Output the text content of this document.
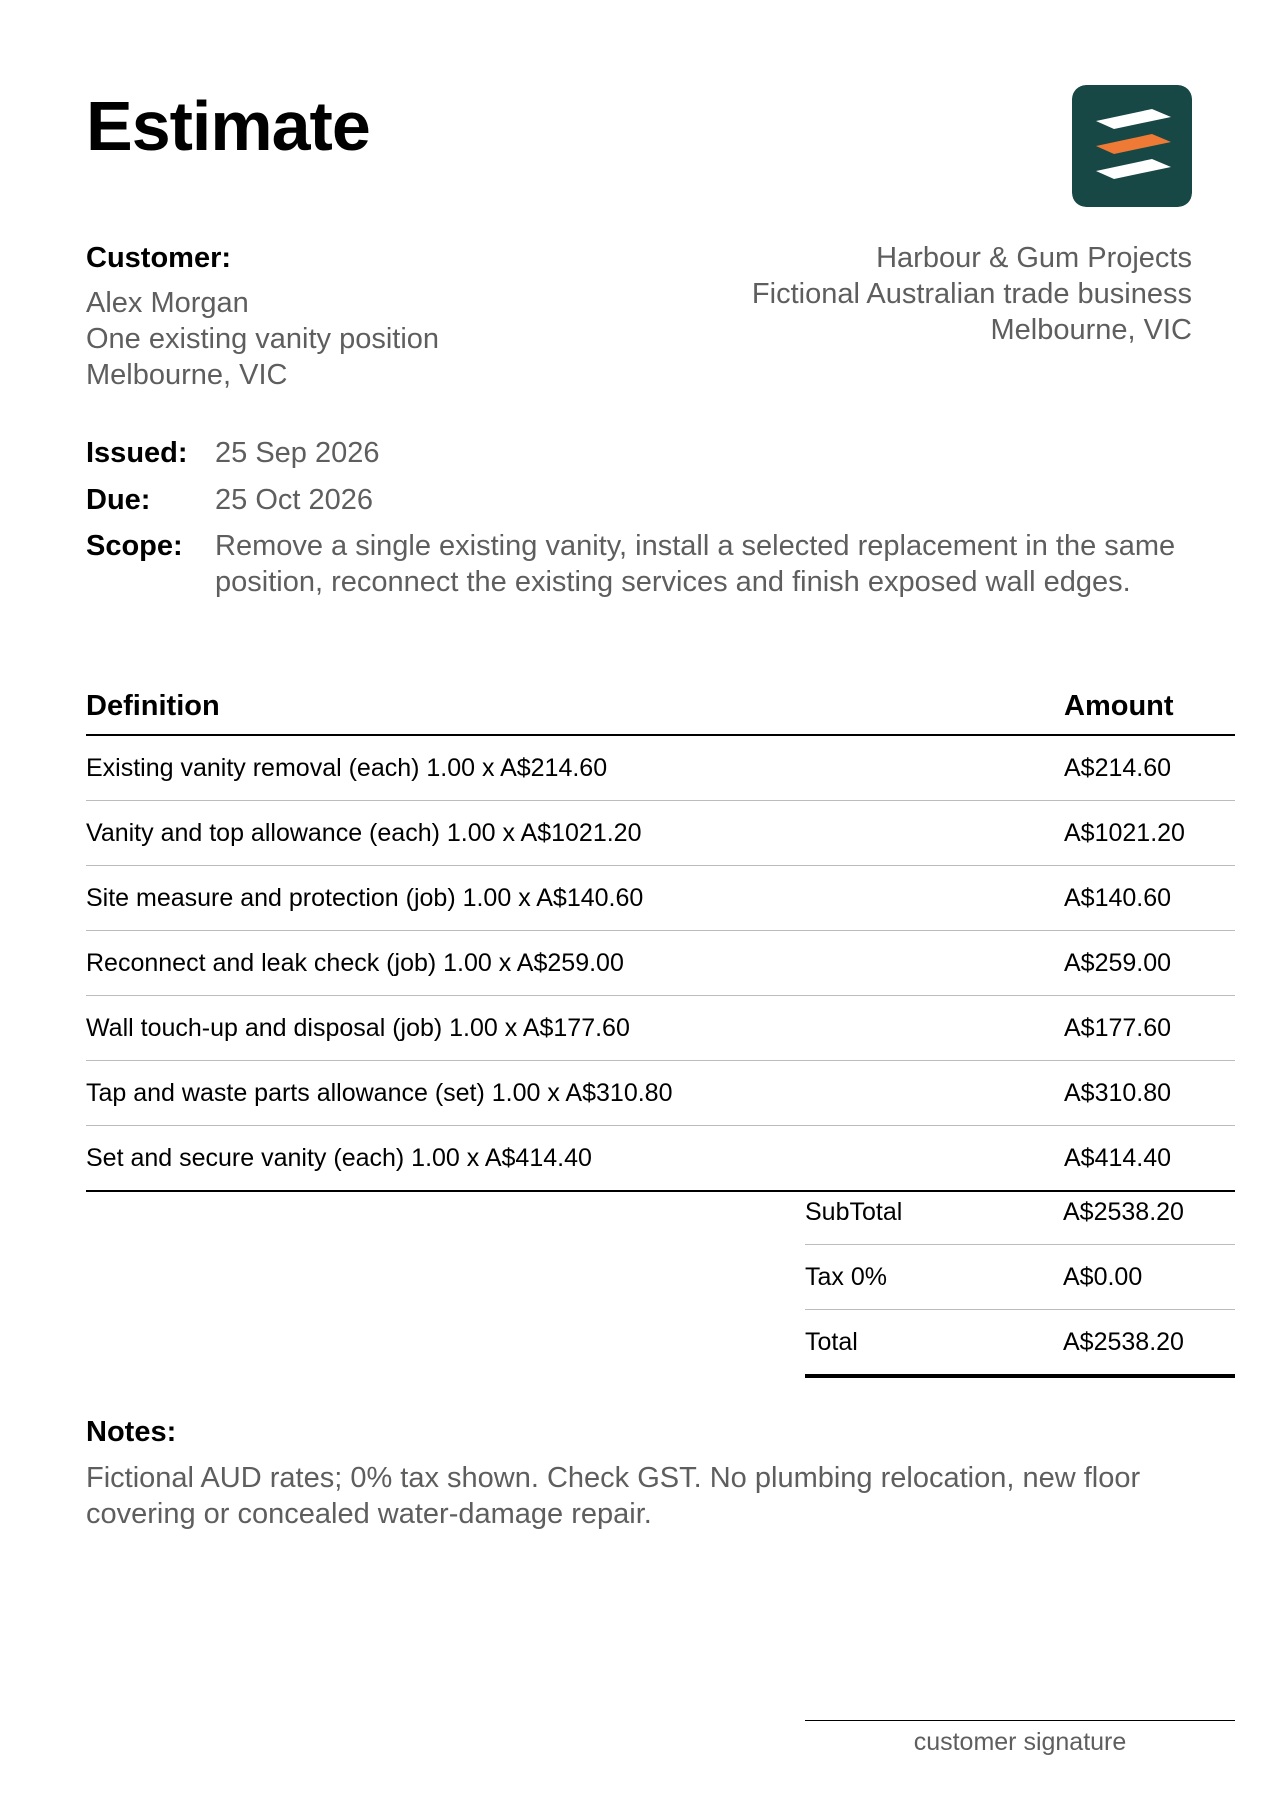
Estimate
Customer:
Alex Morgan
One existing vanity position
Melbourne, VIC
Harbour & Gum Projects
Fictional Australian trade business
Melbourne, VIC
Issued: 25 Sep 2026
Due:	25 Oct 2026
Scope:	Remove a single existing vanity, install a selected replacement in the same position, reconnect the existing services and finish exposed wall edges.
Definition	Amount
Existing vanity removal (each) 1.00 x A$214.60	A$214.60
Vanity and top allowance (each) 1.00 x A$1021.20	A$1021.20
Site measure and protection (job) 1.00 x A$140.60	A$140.60
Reconnect and leak check (job) 1.00 x A$259.00	A$259.00
Wall touch-up and disposal (job) 1.00 x A$177.60	A$177.60
Tap and waste parts allowance (set) 1.00 x A$310.80	A$310.80
Set and secure vanity (each) 1.00 x A$414.40	A$414.40
SubTotal	A$2538.20
Tax 0%	A$0.00
Total	A$2538.20
Notes:
Fictional AUD rates; 0% tax shown. Check GST. No plumbing relocation, new floor covering or concealed water-damage repair.
customer signature
